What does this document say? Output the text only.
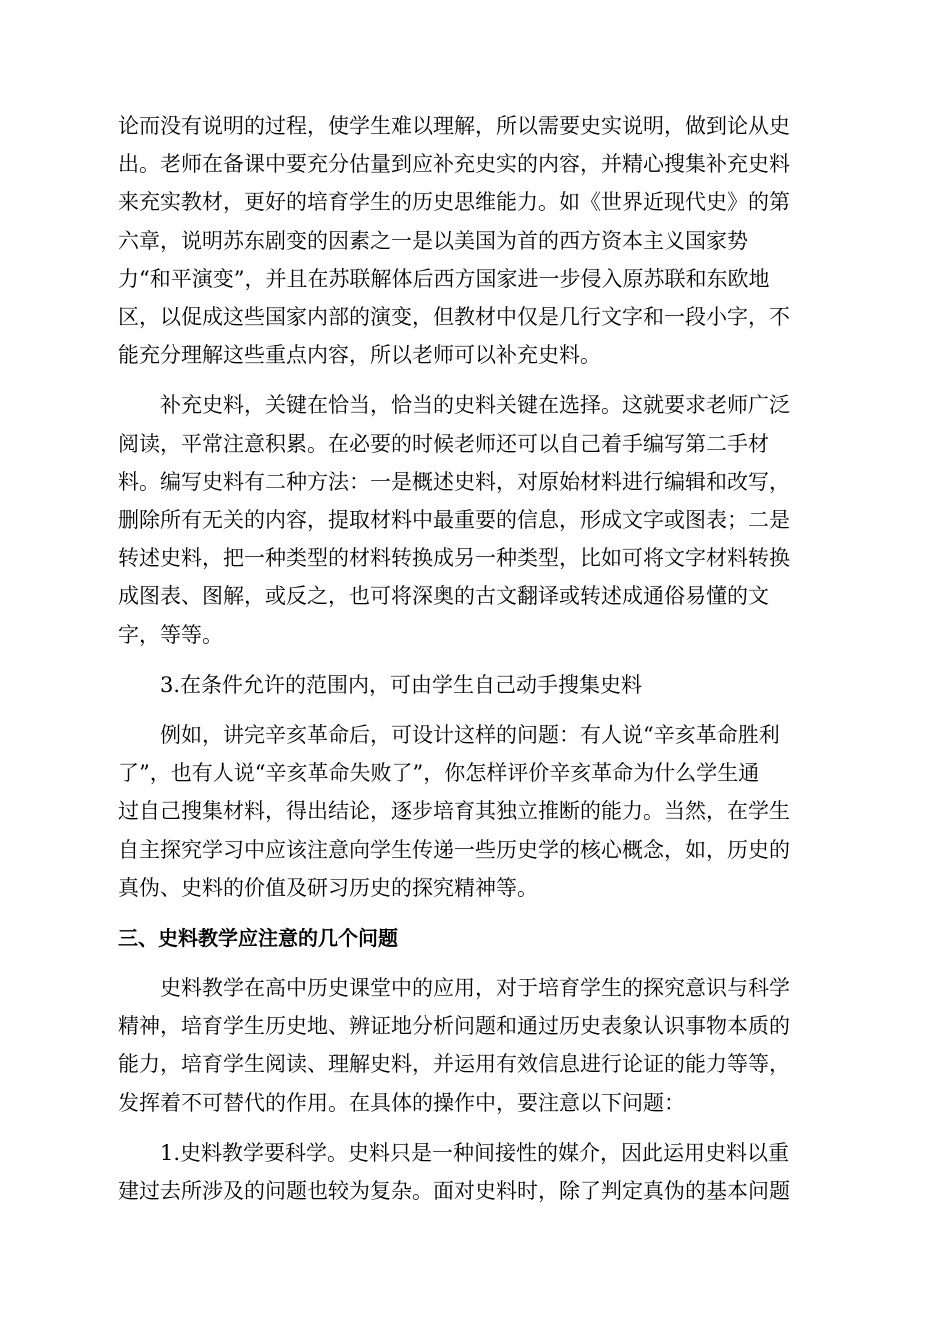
论而没有说明的过程，使学生难以理解，所以需要史实说明，做到论从史
出。老师在备课中要充分估量到应补充史实的内容，并精心搜集补充史料
来充实教材，更好的培育学生的历史思维能力。如《世界近现代史》的第
六章，说明苏东剧变的因素之一是以美国为首的西方资本主义国家势
力“和平演变”，并且在苏联解体后西方国家进一步侵入原苏联和东欧地
区，以促成这些国家内部的演变，但教材中仅是几行文字和一段小字，不
能充分理解这些重点内容，所以老师可以补充史料。
补充史料，关键在恰当，恰当的史料关键在选择。这就要求老师广泛
阅读，平常注意积累。在必要的时候老师还可以自己着手编写第二手材
料。编写史料有二种方法：一是概述史料，对原始材料进行编辑和改写，
删除所有无关的内容，提取材料中最重要的信息，形成文字或图表；二是
转述史料，把一种类型的材料转换成另一种类型，比如可将文字材料转换
成图表、图解，或反之，也可将深奥的古文翻译或转述成通俗易懂的文
字，等等。
3.在条件允许的范围内，可由学生自己动手搜集史料
例如，讲完辛亥革命后，可设计这样的问题：有人说“辛亥革命胜利
了”，也有人说“辛亥革命失败了”，你怎样评价辛亥革命为什么学生通
过自己搜集材料，得出结论，逐步培育其独立推断的能力。当然，在学生
自主探究学习中应该注意向学生传递一些历史学的核心概念，如，历史的
真伪、史料的价值及研习历史的探究精神等。
三、史料教学应注意的几个问题
史料教学在高中历史课堂中的应用，对于培育学生的探究意识与科学
精神，培育学生历史地、辨证地分析问题和通过历史表象认识事物本质的
能力，培育学生阅读、理解史料，并运用有效信息进行论证的能力等等，
发挥着不可替代的作用。在具体的操作中，要注意以下问题：
1.史料教学要科学。史料只是一种间接性的媒介，因此运用史料以重
建过去所涉及的问题也较为复杂。面对史料时，除了判定真伪的基本问题
